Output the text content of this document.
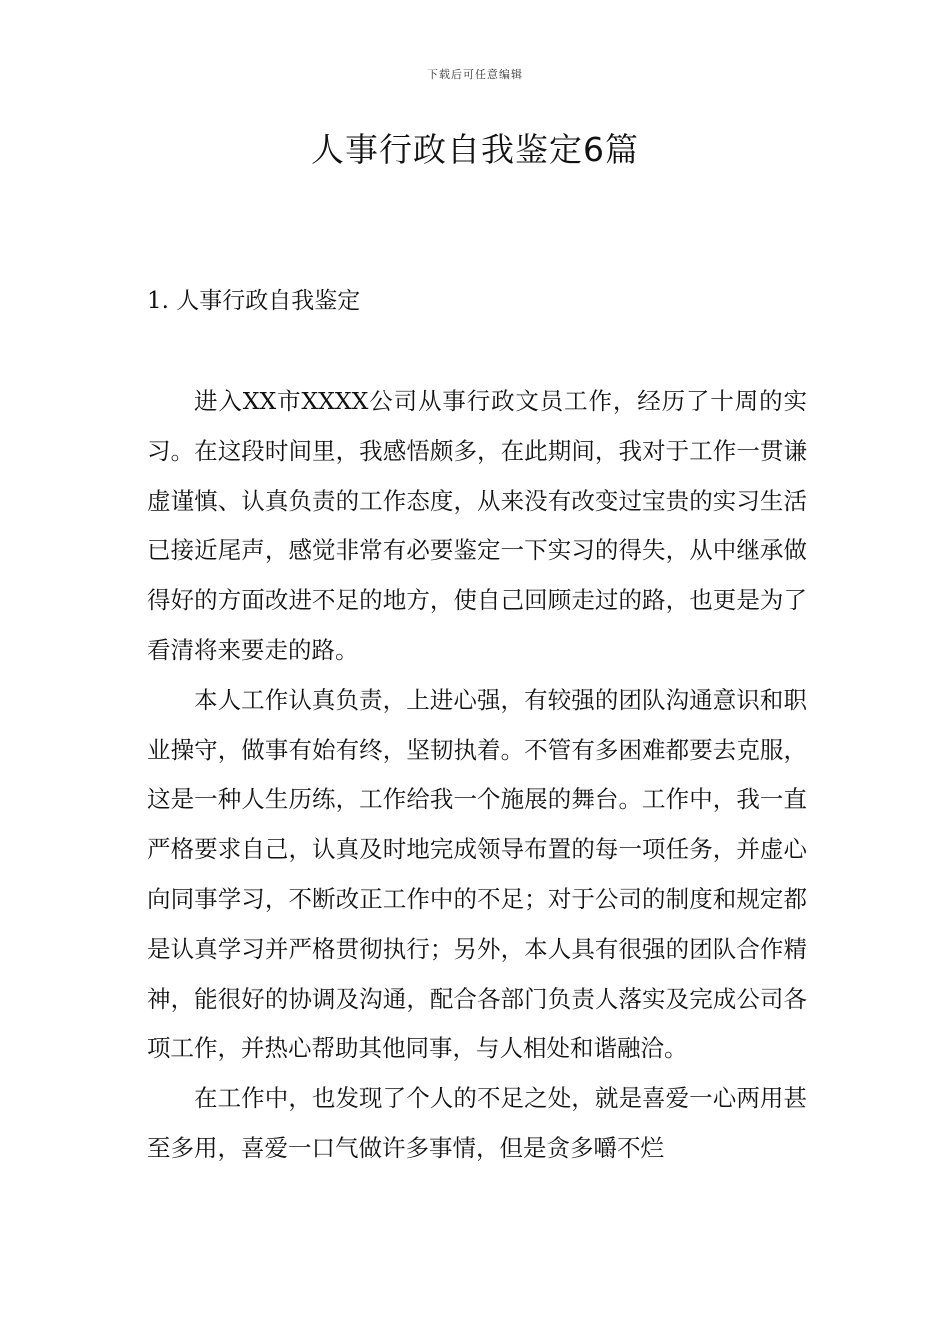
下载后可任意编辑
人事行政自我鉴定6篇
1. 人事行政自我鉴定

进入XX市XXXX公司从事行政文员工作，经历了十周的实习。在这段时间里，我感悟颇多，在此期间，我对于工作一贯谦虚谨慎、认真负责的工作态度，从来没有改变过宝贵的实习生活已接近尾声，感觉非常有必要鉴定一下实习的得失，从中继承做得好的方面改进不足的地方，使自己回顾走过的路，也更是为了看清将来要走的路。

本人工作认真负责，上进心强，有较强的团队沟通意识和职业操守，做事有始有终，坚韧执着。不管有多困难都要去克服，这是一种人生历练，工作给我一个施展的舞台。工作中，我一直严格要求自己，认真及时地完成领导布置的每一项任务，并虚心向同事学习，不断改正工作中的不足；对于公司的制度和规定都是认真学习并严格贯彻执行；另外，本人具有很强的团队合作精神，能很好的协调及沟通，配合各部门负责人落实及完成公司各项工作，并热心帮助其他同事，与人相处和谐融洽。

在工作中，也发现了个人的不足之处，就是喜爱一心两用甚至多用，喜爱一口气做许多事情，但是贪多嚼不烂
